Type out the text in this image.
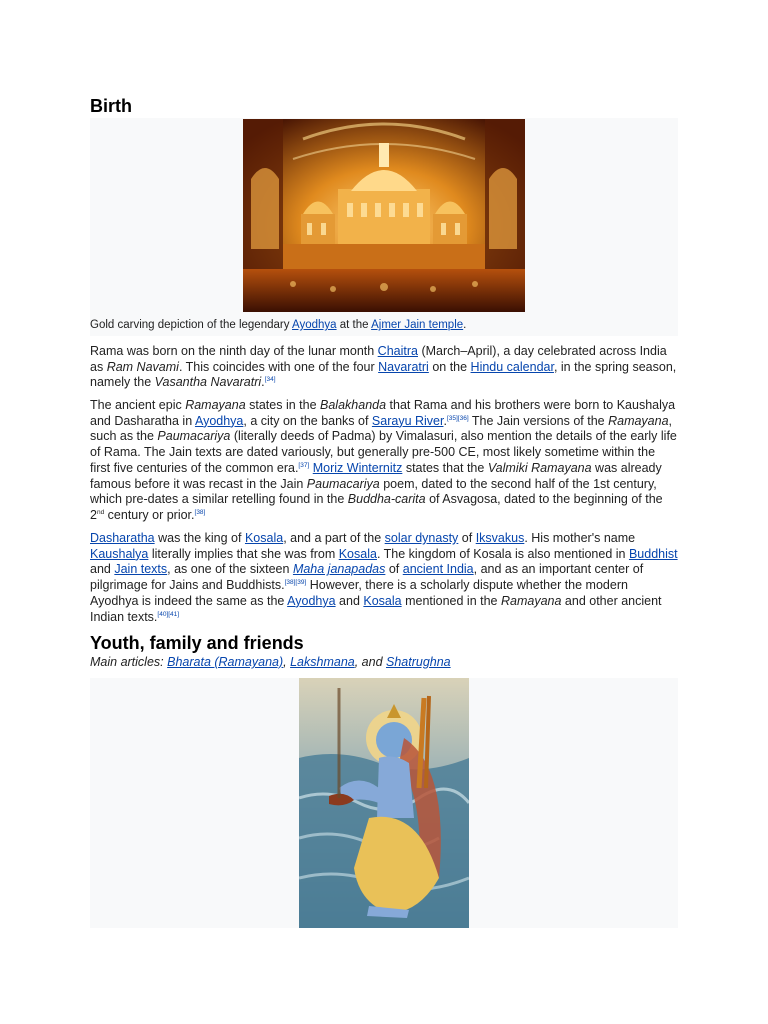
Birth
Gold carving depiction of the legendary Ayodhya at the Ajmer Jain temple.

Rama was born on the ninth day of the lunar month Chaitra (March–April), a day celebrated across India as Ram Navami. This coincides with one of the four Navaratri on the Hindu calendar, in the spring season, namely the Vasantha Navaratri.[34]

The ancient epic Ramayana states in the Balakhanda that Rama and his brothers were born to Kaushalya and Dasharatha in Ayodhya, a city on the banks of Sarayu River.[35][36] The Jain versions of the Ramayana, such as the Paumacariya (literally deeds of Padma) by Vimalasuri, also mention the details of the early life of Rama. The Jain texts are dated variously, but generally pre-500 CE, most likely sometime within the first five centuries of the common era.[37] Moriz Winternitz states that the Valmiki Ramayana was already famous before it was recast in the Jain Paumacariya poem, dated to the second half of the 1st century, which pre-dates a similar retelling found in the Buddha-carita of Asvagosa, dated to the beginning of the 2nd century or prior.[38]

Dasharatha was the king of Kosala, and a part of the solar dynasty of Iksvakus. His mother's name Kaushalya literally implies that she was from Kosala. The kingdom of Kosala is also mentioned in Buddhist and Jain texts, as one of the sixteen Maha janapadas of ancient India, and as an important center of pilgrimage for Jains and Buddhists.[38][39] However, there is a scholarly dispute whether the modern Ayodhya is indeed the same as the Ayodhya and Kosala mentioned in the Ramayana and other ancient Indian texts.[40][41]

Youth, family and friends
Main articles: Bharata (Ramayana), Lakshmana, and Shatrughna
